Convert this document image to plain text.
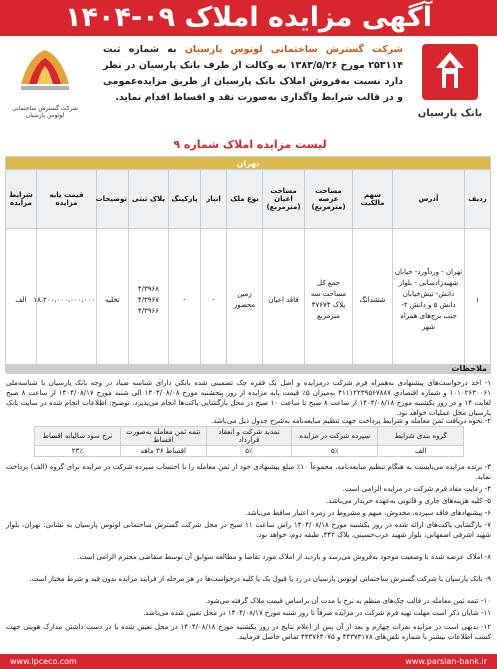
آگهی مزایده املاک ۰۹-۱۴۰۴
بانک پارسیان
شرکت گسترش ساختمانی لوتوس پارسیان به شماره ثبت ۲۵۳۱۱۴ مورخ ۱۳۸۳/۵/۲۶ به وکالت از طرف بانک پارسیان در نظر دارد نسبت به‌فروش املاک بانک پارسیان از طریق مزایده‌عمومی و در قالب شرایط واگذاری به‌صورت نقد و اقساط اقدام نماید.
شرکت گسترش ساختمانی لوتوس پارسیان
لیست مزایده املاک شماره ۹
تهران											
ردیف	آدرس	سهم مالکیت	مساحت عرصه (مترمربع)	مساحت اعیان (مترمربع)	نوع ملک	انبار	پارکینگ	پلاک ثبتی	توضیحات	قیمت پایه مزایده	شرایط مزایده
۱	تهران - وردآورد- خیابان شهید‌زادسانی - بلوار دانش- تیش‌خیابان دانش ۵ و دانش ۲- جنب برج‌های همراه شهر	ششدانگ	جمع کل مساحت سه پلاک ۴۷۶۷۴ مترمربع	فاقد اعیان	زمین محصور	-	-	۴/۳۹۶۸ ۴/۳۹۶۷ ۴/۳۹۶۶	تخلیه	۱۸،۲۰۰،۰۰۰،۰۰۰،۰۰۰	الف
ملاحظات
۱- اخذ درخواست‌های پیشنهادی به‌همراه فرم شرکت درمزایده و اصل یک فقره چک تضمینی شده بانکی دارای شناسه صیاد در وجه بانک پارسیان با شناسه‌ملی ۱۰۱۰۲۶۳۰۰۶۱ و شماره اقتصادی ۴۱۱۱۲۲۳۹۵۶۷۸۸۷ به‌میزان ۵٪ قیمت پایه مزایده از روز پنجشنبه مورخ ۱۴۰۴/۰۸/۰۸ الی شنبه مورخ ۱۴۰۴/۰۸/۱۷ از ساعت ۸ صبح لغایت ۱۴ و در روز یکشنبه مورخ ۱۴۰۴/۰۸/۱۸ از ساعت ۸ صبح تا ساعت ۱۰ صبح در محل بازگشایی پاکت‌ها انجام می‌پذیرد. توضیح: اطلاعات انجام شده در سایت بانک پارسیان محل عملیات خواهد بود.
۲- نحوه دریافت ثمن معامله و شرایط پرداخت جهت تنظیم مبایعه‌نامه به‌شرح جدول ذیل می‌باشد.
گروه بندی شرایط	سپرده شرکت در مزایده	تمدید شرکت و انعقاد قرارداد	تتمه ثمن معامله به‌صورت اقساط	نرخ سود سالیانه اقساط
الف	۵٪	۵٪	اقساط ۳۶ ماهه	۲۳٪
۳- برنده مزایده می‌بایست به هنگام تنظیم مبایعه‌نامه، مجموعاً ۱۰٪ مبلغ پیشنهادی خود از ثمن معامله را با احتساب سپرده شرکت در مزایده برای گروه (الف) پرداخت نماید.
۴- رعایت مفاد فرم شرکت در مزایده الزامی است.
۵- کلیه هزینه‌های جاری و قانونی به‌عهده خریدار می‌باشد.
۶- پیشنهادهای فاقد سپرده، مخدوش، مبهم و مشروط در زمره اعتبار ساقط می‌باشد.
۷- بازگشایی پاکت‌های ارائه شده در روز یکشنبه مورخ ۱۴۰۴/۰۸/۱۸ راس ساعت ۱۱ صبح در محل شرکت گسترش ساختمانی لوتوس پارسیان به نشانی: تهران، بلوار شهید اشرفی اصفهانی، بلوار شهید عرب‌حسینی، پلاک ۳۴۲، طبقه دوم، خواهد بود.
۸- املاک عرضه شده با وضعیت موجود به‌فروش می‌رسد و بازدید از املاک مورد تقاضا و مطالعه سوابق آن توسط متقاضی محترم الزامی است.
۹- بانک پارسیان با شرکت گسترش ساختمانی لوتوس پارسیان در رد یا قبول یک یا کلیه درخواست‌ها در هر مرحله از فرایند مزایده بدون قید و شرط مختار است.
۱۰- تتمه ثمن معامله در قالب چک‌های منظم به نرخ با مدت آن براساس قیمت ملاک گرفته می‌شود.
۱۱- شایان ذکر است مهلت تهیه فرم شرکت در مزایده صرفاً تا روز شنبه مورخ ۱۴۰۴/۰۸/۱۷ در محل تعیین شده می‌باشد.
۱۲- بدیهی است در مزایده نفرات چهارم و بعد از آن پس از اعلام نتایج در روز یکشنبه مورخ ۱۴۰۴/۰۸/۱۸ در محل تعیین شده با در دست داشتن مدارک هویتی جهت کسب اطلاعات بیشتر با شماره تلفن‌های ۴۴۳۷۳۱۷۸ و ۴۴۳۷۶۳۰۷۵ تماس حاصل فرمایید.
www.lpceco.com	www.parsian-bank.ir
